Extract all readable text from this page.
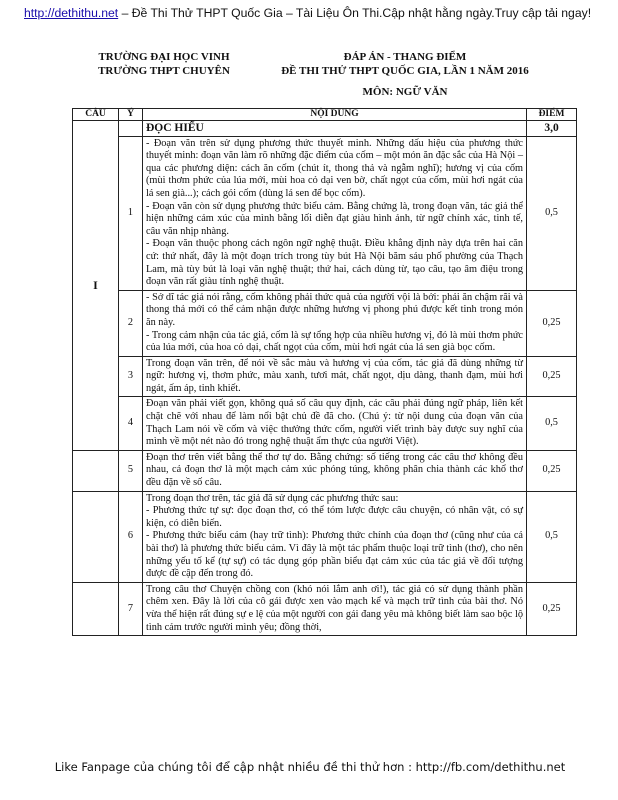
http://dethithu.net – Đề Thi Thử THPT Quốc Gia – Tài Liệu Ôn Thi.Cập nhật hằng ngày.Truy cập tải ngay!
TRƯỜNG ĐẠI HỌC VINH
TRƯỜNG THPT CHUYÊN
ĐÁP ÁN - THANG ĐIỂM
ĐỀ THI THỬ THPT QUỐC GIA, LẦN 1 NĂM 2016
MÔN: NGỮ VĂN
CÂU	Ý	NỘI DUNG	ĐIỂM
I		ĐỌC HIỂU	3,0
	1	- Đoạn văn trên sử dụng phương thức thuyết minh. Những dấu hiệu của phương thức thuyết minh: đoạn văn làm rõ những đặc điểm của cốm – một món ăn đặc sắc của Hà Nội – qua các phương diện: cách ăn cốm (chút ít, thong thả và ngẫm nghĩ); hương vị của cốm (mùi thơm phức của lúa mới, mùi hoa cỏ dại ven bờ, chất ngọt của cốm, mùi hơi ngát của lá sen già...); cách gói cốm (dùng lá sen để bọc cốm).

- Đoạn văn còn sử dụng phương thức biểu cảm. Bằng chứng là, trong đoạn văn, tác giả thể hiện những cảm xúc của mình bằng lối diễn đạt giàu hình ảnh, từ ngữ chính xác, tinh tế, câu văn nhịp nhàng.

- Đoạn văn thuộc phong cách ngôn ngữ nghệ thuật. Điều khẳng định này dựa trên hai căn cứ: thứ nhất, đây là một đoạn trích trong tùy bút Hà Nội băm sáu phố phường của Thạch Lam, mà tùy bút là loại văn nghệ thuật; thứ hai, cách dùng từ, tạo câu, tạo âm điệu trong đoạn văn rất giàu tính nghệ thuật.	0,5
	2	- Sở dĩ tác giả nói rằng, cốm không phải thức quà của người vội là bởi: phải ăn chậm rãi và thong thả mới có thể cảm nhận được những hương vị phong phú được kết tinh trong món ăn này.

- Trong cảm nhận của tác giả, cốm là sự tổng hợp của nhiều hương vị, đó là mùi thơm phức của lúa mới, của hoa cỏ dại, chất ngọt của cốm, mùi hơi ngát của lá sen già bọc cốm.	0,25
	3	Trong đoạn văn trên, để nói về sắc màu và hương vị của cốm, tác giả đã dùng những từ ngữ: hương vị, thơm phức, màu xanh, tươi mát, chất ngọt, dịu dàng, thanh đạm, mùi hơi ngát, ấm áp, tinh khiết.	0,25
	4	Đoạn văn phải viết gọn, không quá số câu quy định, các câu phải đúng ngữ pháp, liên kết chặt chẽ với nhau để làm nổi bật chủ đề đã cho. (Chú ý: từ nội dung của đoạn văn của Thạch Lam nói về cốm và việc thưởng thức cốm, người viết trình bày được suy nghĩ của mình về một nét nào đó trong nghệ thuật ẩm thực của người Việt).	0,5
	5	Đoạn thơ trên viết bằng thể thơ tự do. Bằng chứng: số tiếng trong các câu thơ không đều nhau, cả đoạn thơ là một mạch cảm xúc phóng túng, không phân chia thành các khổ thơ đều đặn về số câu.	0,25
	6	Trong đoạn thơ trên, tác giả đã sử dụng các phương thức sau:

- Phương thức tự sự: đọc đoạn thơ, có thể tóm lược được câu chuyện, có nhân vật, có sự kiện, có diễn biến.

- Phương thức biểu cảm (hay trữ tình): Phương thức chính của đoạn thơ (cũng như của cả bài thơ) là phương thức biểu cảm. Vì đây là một tác phẩm thuộc loại trữ tình (thơ), cho nên những yếu tố kể (tự sự) có tác dụng góp phần biểu đạt cảm xúc của tác giả về đối tượng được đề cập đến trong đó.	0,5
	7	Trong câu thơ Chuyện chồng con (khó nói lắm anh ơi!), tác giả có sử dụng thành phần chêm xen. Đây là lời của cô gái được xen vào mạch kể và mạch trữ tình của bài thơ. Nó vừa thể hiện rất đúng sự e lệ của một người con gái đang yêu mà không biết làm sao bộc lộ tình cảm trước người mình yêu; đồng thời,	0,25
Like Fanpage của chúng tôi để cập nhật nhiều đề thi thử hơn : http://fb.com/dethithu.net
